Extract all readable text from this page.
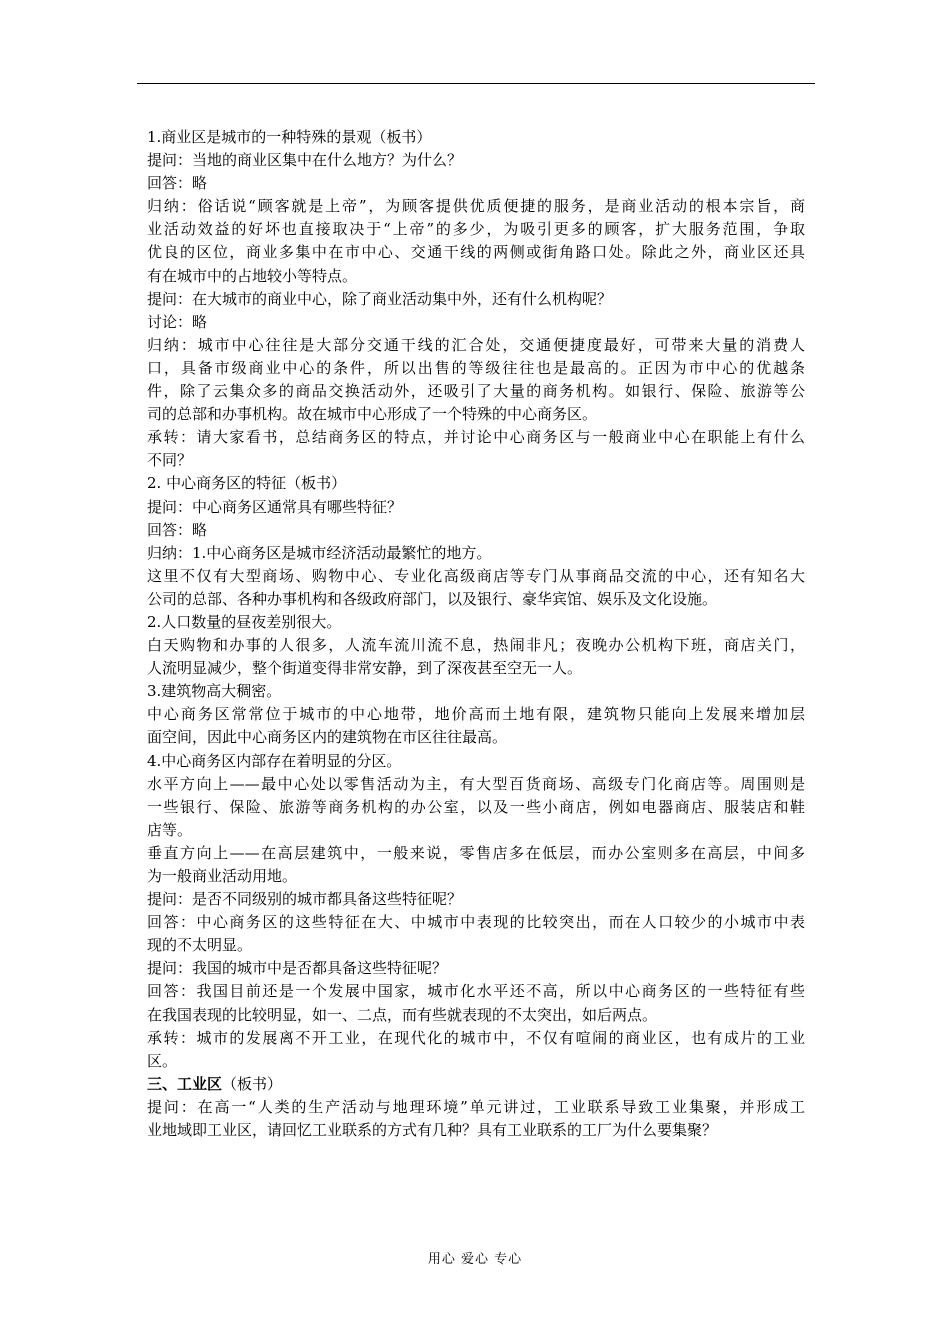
1.商业区是城市的一种特殊的景观（板书）
提问：当地的商业区集中在什么地方？为什么？
回答：略
归纳：俗话说“顾客就是上帝”，为顾客提供优质便捷的服务，是商业活动的根本宗旨，商
业活动效益的好坏也直接取决于“上帝”的多少，为吸引更多的顾客，扩大服务范围，争取
优良的区位，商业多集中在市中心、交通干线的两侧或街角路口处。除此之外，商业区还具
有在城市中的占地较小等特点。
提问：在大城市的商业中心，除了商业活动集中外，还有什么机构呢？
讨论：略
归纳：城市中心往往是大部分交通干线的汇合处，交通便捷度最好，可带来大量的消费人
口，具备市级商业中心的条件，所以出售的等级往往也是最高的。正因为市中心的优越条
件，除了云集众多的商品交换活动外，还吸引了大量的商务机构。如银行、保险、旅游等公
司的总部和办事机构。故在城市中心形成了一个特殊的中心商务区。
承转：请大家看书，总结商务区的特点，并讨论中心商务区与一般商业中心在职能上有什么
不同？
2. 中心商务区的特征（板书）
提问：中心商务区通常具有哪些特征？
回答：略
归纳：1.中心商务区是城市经济活动最繁忙的地方。
这里不仅有大型商场、购物中心、专业化高级商店等专门从事商品交流的中心，还有知名大
公司的总部、各种办事机构和各级政府部门，以及银行、豪华宾馆、娱乐及文化设施。
2.人口数量的昼夜差别很大。
白天购物和办事的人很多，人流车流川流不息，热闹非凡；夜晚办公机构下班，商店关门，
人流明显减少，整个街道变得非常安静，到了深夜甚至空无一人。
3.建筑物高大稠密。
中心商务区常常位于城市的中心地带，地价高而土地有限，建筑物只能向上发展来增加层
面空间，因此中心商务区内的建筑物在市区往往最高。
4.中心商务区内部存在着明显的分区。
水平方向上——最中心处以零售活动为主，有大型百货商场、高级专门化商店等。周围则是
一些银行、保险、旅游等商务机构的办公室，以及一些小商店，例如电器商店、服装店和鞋
店等。
垂直方向上——在高层建筑中，一般来说，零售店多在低层，而办公室则多在高层，中间多
为一般商业活动用地。
提问：是否不同级别的城市都具备这些特征呢？
回答：中心商务区的这些特征在大、中城市中表现的比较突出，而在人口较少的小城市中表
现的不太明显。
提问：我国的城市中是否都具备这些特征呢？
回答：我国目前还是一个发展中国家，城市化水平还不高，所以中心商务区的一些特征有些
在我国表现的比较明显，如一、二点，而有些就表现的不太突出，如后两点。
承转：城市的发展离不开工业，在现代化的城市中，不仅有喧闹的商业区，也有成片的工业
区。
三、工业区（板书）
提问：在高一“人类的生产活动与地理环境”单元讲过，工业联系导致工业集聚，并形成工
业地域即工业区，请回忆工业联系的方式有几种？具有工业联系的工厂为什么要集聚？
用心 爱心 专心
